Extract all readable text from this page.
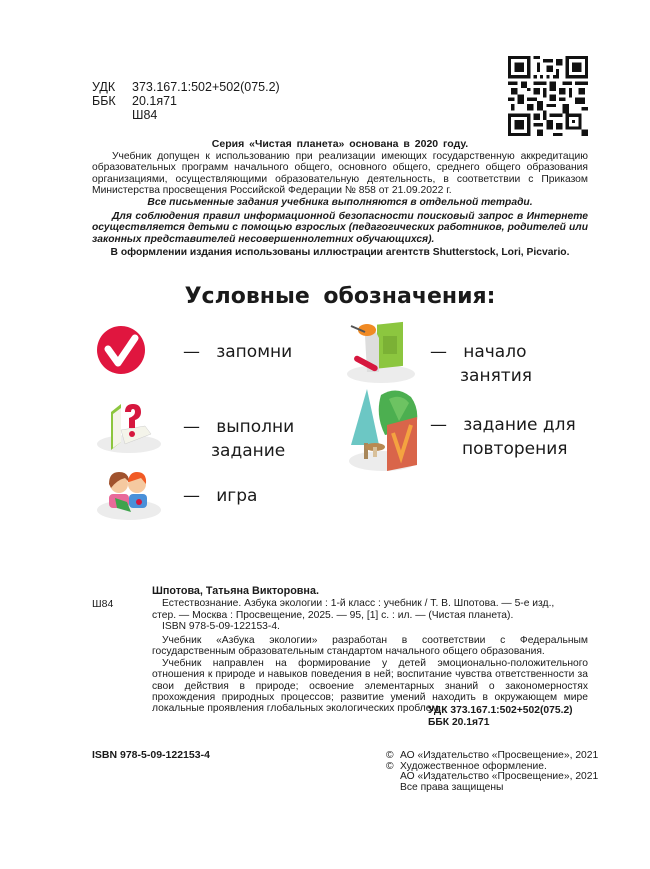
УДК	373.167.1:502+502(075.2)
ББК	20.1я71
Ш84
Серия «Чистая планета» основана в 2020 году.
Учебник допущен к использованию при реализации имеющих государственную аккредитацию образовательных программ начального общего, основного общего, среднего общего образования организациями, осуществляющими образовательную деятельность, в соответствии с Приказом Министерства просвещения Российской Федерации № 858 от 21.09.2022 г.
Все письменные задания учебника выполняются в отдельной тетради.
Для соблюдения правил информационной безопасности поисковый запрос в Интернете осуществляется детьми с помощью взрослых (педагогических работников, родителей или законных представителей несовершеннолетних обучающихся).
В оформлении издания использованы иллюстрации агентств Shutterstock, Lori, Picvario.
Условные обозначения:
— запомни	— начало
занятия
— выполни
задание
— задание для
повторения
— игра
Шпотова, Татьяна Викторовна.
Ш84	Естествознание. Азбука экологии : 1-й класс : учебник / Т. В. Шпотова. — 5-е изд.,
стер. — Москва : Просвещение, 2025. — 95, [1] с. : ил. — (Чистая планета).
ISBN 978-5-09-122153-4.
Учебник «Азбука экологии» разработан в соответствии с Федеральным государственным образовательным стандартом начального общего образования.
Учебник направлен на формирование у детей эмоционально-положительного отношения к природе и навыков поведения в ней; воспитание чувства ответственности за свои действия в природе; освоение элементарных знаний о закономерностях прохождения природных процессов; развитие умений находить в окружающем мире локальные проявления глобальных экологических проблем.
УДК 373.167.1:502+502(075.2)
ББК 20.1я71
ISBN 978-5-09-122153-4	© АО «Издательство «Просвещение», 2021
© Художественное оформление.
АО «Издательство «Просвещение», 2021
Все права защищены
